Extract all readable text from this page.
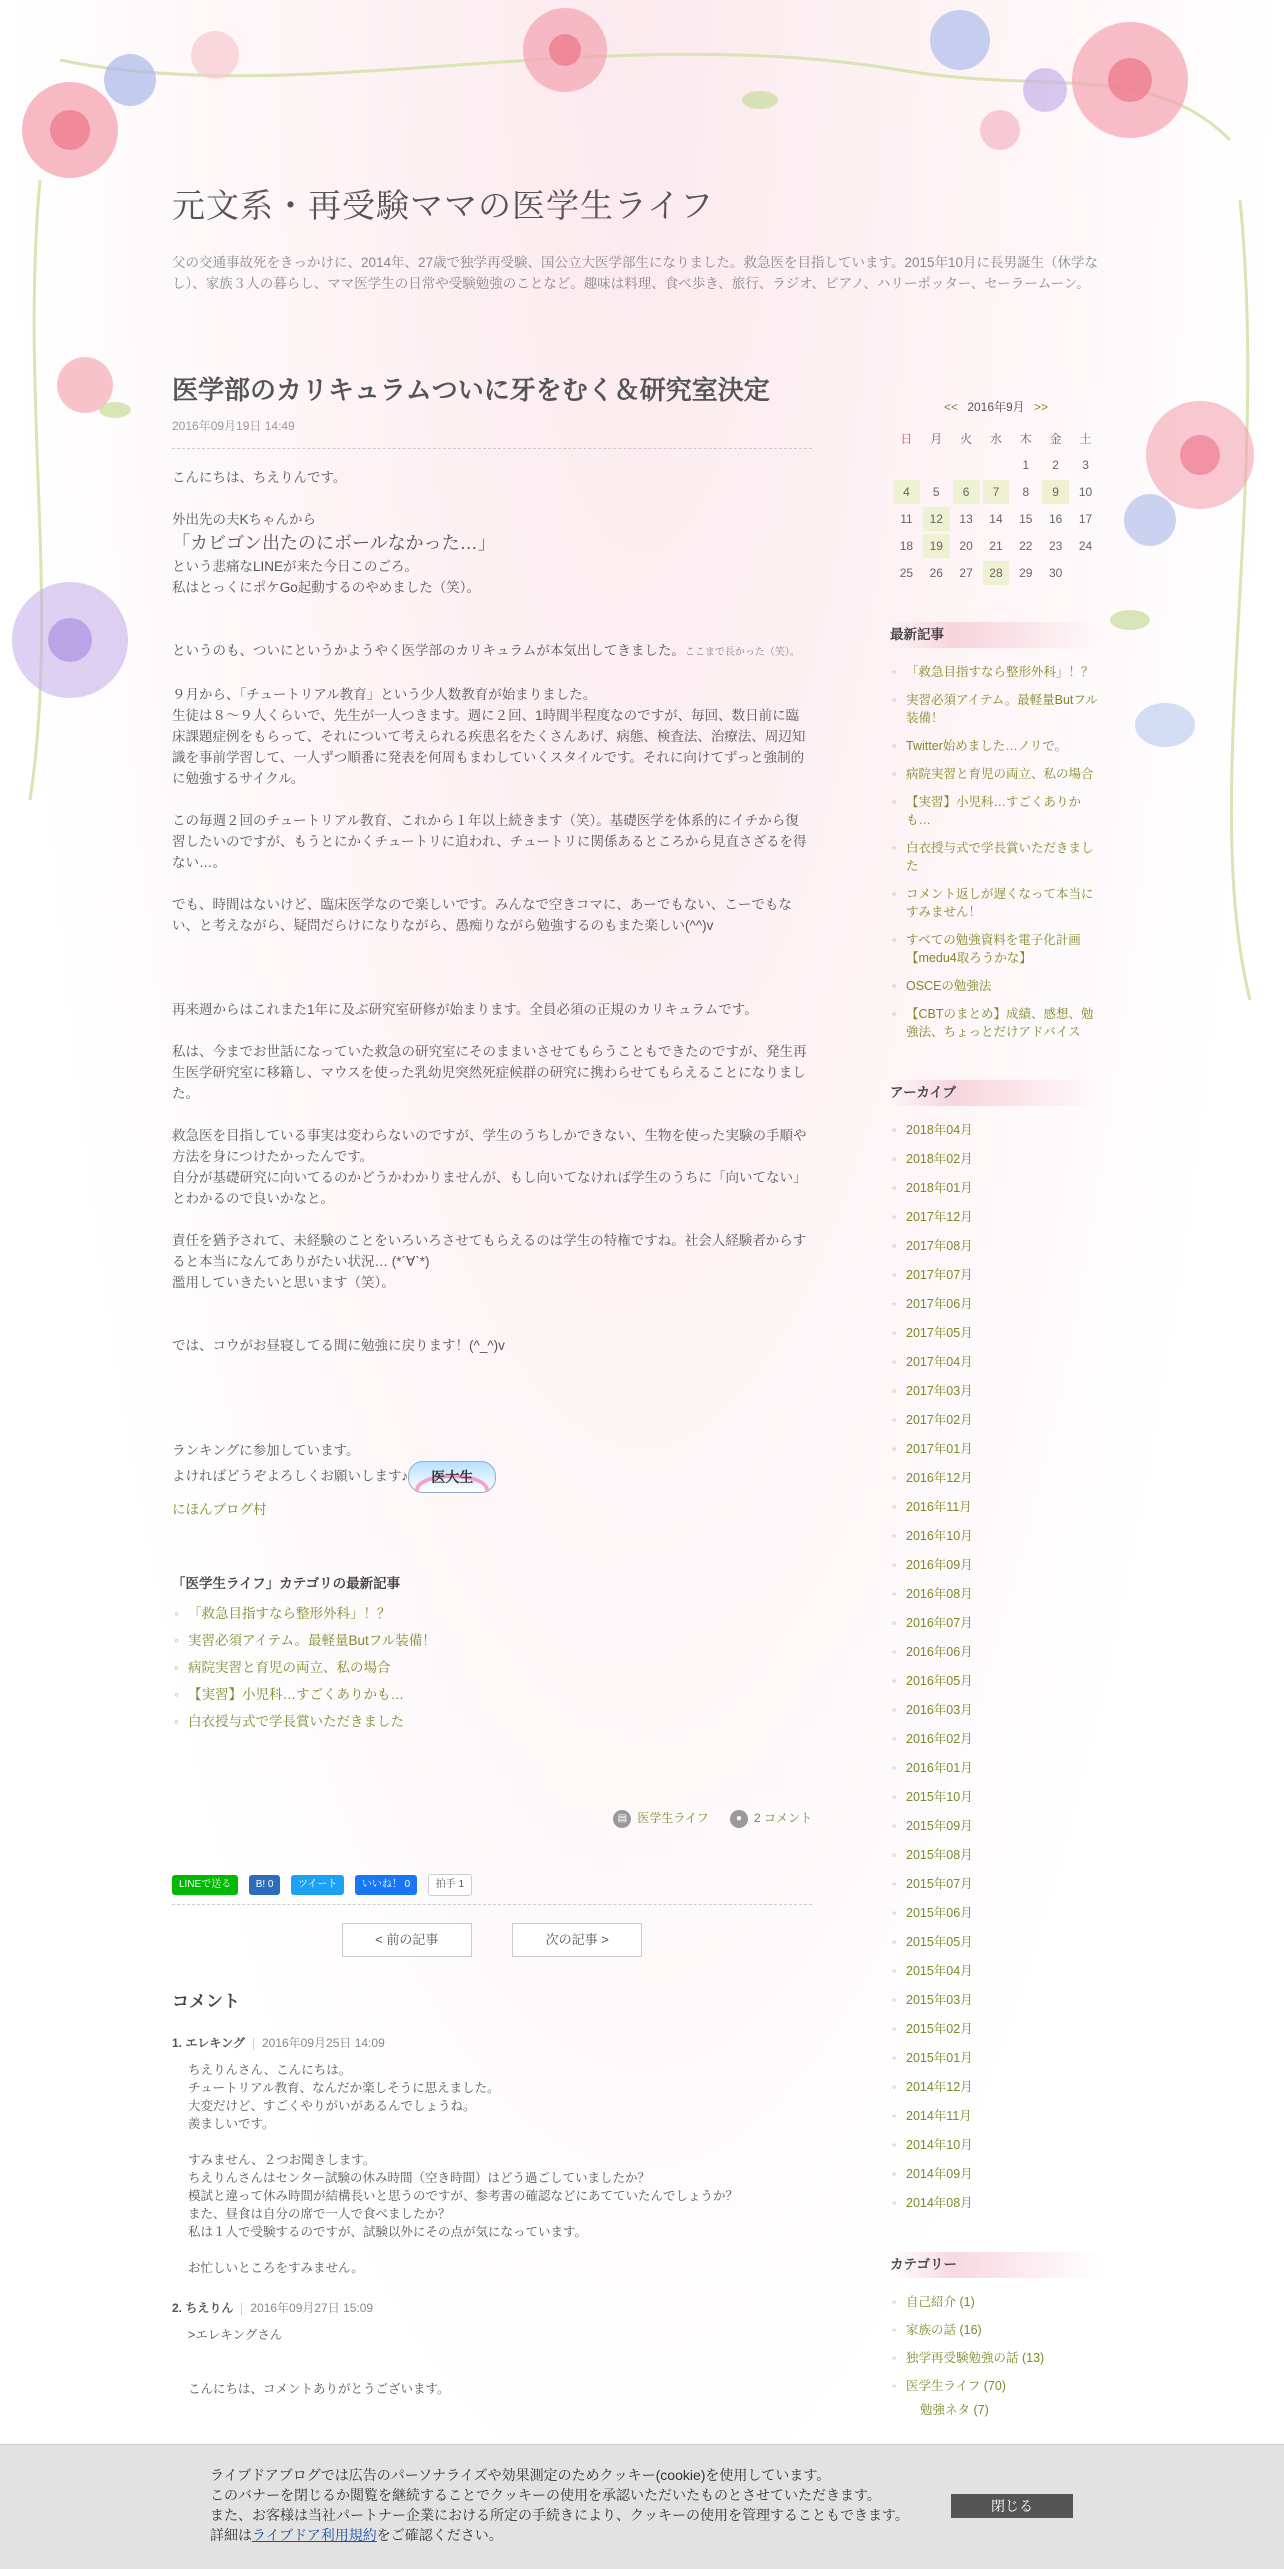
元文系・再受験ママの医学生ライフ
父の交通事故死をきっかけに、2014年、27歳で独学再受験、国公立大医学部生になりました。救急医を目指しています。2015年10月に長男誕生（休学なし）、家族３人の暮らし、ママ医学生の日常や受験勉強のことなど。趣味は料理、食べ歩き、旅行、ラジオ、ピアノ、ハリーポッター、セーラームーン。
医学部のカリキュラムついに牙をむく＆研究室決定
2016年09月19日 14:49

こんにちは、ちえりんです。

外出先の夫Kちゃんから

「カビゴン出たのにボールなかった…」

という悲痛なLINEが来た今日このごろ。

私はとっくにポケGo起動するのやめました（笑）。

というのも、ついにというかようやく医学部のカリキュラムが本気出してきました。ここまで長かった（笑）。

９月から、「チュートリアル教育」という少人数教育が始まりました。

生徒は８〜９人くらいで、先生が一人つきます。週に２回、1時間半程度なのですが、毎回、数日前に臨床課題症例をもらって、それについて考えられる疾患名をたくさんあげ、病態、検査法、治療法、周辺知識を事前学習して、一人ずつ順番に発表を何周もまわしていくスタイルです。それに向けてずっと強制的に勉強するサイクル。

この毎週２回のチュートリアル教育、これから１年以上続きます（笑）。基礎医学を体系的にイチから復習したいのですが、もうとにかくチュートリに追われ、チュートリに関係あるところから見直さざるを得ない…。

でも、時間はないけど、臨床医学なので楽しいです。みんなで空きコマに、あーでもない、こーでもない、と考えながら、疑問だらけになりながら、愚痴りながら勉強するのもまた楽しい(^^)v

再来週からはこれまた1年に及ぶ研究室研修が始まります。全員必須の正規のカリキュラムです。

私は、今までお世話になっていた救急の研究室にそのままいさせてもらうこともできたのですが、発生再生医学研究室に移籍し、マウスを使った乳幼児突然死症候群の研究に携わらせてもらえることになりました。

救急医を目指している事実は変わらないのですが、学生のうちしかできない、生物を使った実験の手順や方法を身につけたかったんです。

自分が基礎研究に向いてるのかどうかわかりませんが、もし向いてなければ学生のうちに「向いてない」とわかるので良いかなと。

責任を猶予されて、未経験のことをいろいろさせてもらえるのは学生の特権ですね。社会人経験者からすると本当になんてありがたい状況… (*´∀`*)

濫用していきたいと思います（笑）。

では、コウがお昼寝してる間に勉強に戻ります！(^_^)v

ランキングに参加しています。

よければどうぞよろしくお願いします♪ 医大生

にほんブログ村

「医学生ライフ」カテゴリの最新記事
◦ 「救急目指すなら整形外科」！？
◦ 実習必須アイテム。最軽量Butフル装備！
◦ 病院実習と育児の両立、私の場合
◦ 【実習】小児科…すごくありかも…
◦ 白衣授与式で学長賞いただきました
▤ 医学生ライフ	● 2 コメント
LINEで送る B! 0 ツイート いいね！ 0	拍手 1
< 前の記事	次の記事 >
コメント
1. エレキング 2016年09月25日 14:09

ちえりんさん、こんにちは。

チュートリアル教育、なんだか楽しそうに思えました。

大変だけど、すごくやりがいがあるんでしょうね。

羨ましいです。

すみません、２つお聞きします。

ちえりんさんはセンター試験の休み時間（空き時間）はどう過ごしていましたか？

模試と違って休み時間が結構長いと思うのですが、参考書の確認などにあてていたんでしょうか？

また、昼食は自分の席で一人で食べましたか？

私は１人で受験するのですが、試験以外にその点が気になっています。

お忙しいところをすみません。

2. ちえりん 2016年09月27日 15:09

>エレキングさん

こんにちは、コメントありがとうございます。

<< 2016年9月 >>
日	月	火	水	木	金	土
				1	2	3
4	5	6	7	8	9	10
11	12	13	14	15	16	17
18	19	20	21	22	23	24
25	26	27	28	29	30	
最新記事
◦ 「救急目指すなら整形外科」！？
◦ 実習必須アイテム。最軽量Butフル装備！
◦ Twitter始めました…ノリで。
◦ 病院実習と育児の両立、私の場合
◦ 【実習】小児科…すごくありかも…
◦ 白衣授与式で学長賞いただきました
◦ コメント返しが遅くなって本当にすみません！
◦ すべての勉強資料を電子化計画【medu4取ろうかな】
◦ OSCEの勉強法
◦ 【CBTのまとめ】成績、感想、勉強法、ちょっとだけアドバイス
アーカイブ
◦ 2018年04月
◦ 2018年02月
◦ 2018年01月
◦ 2017年12月
◦ 2017年08月
◦ 2017年07月
◦ 2017年06月
◦ 2017年05月
◦ 2017年04月
◦ 2017年03月
◦ 2017年02月
◦ 2017年01月
◦ 2016年12月
◦ 2016年11月
◦ 2016年10月
◦ 2016年09月
◦ 2016年08月
◦ 2016年07月
◦ 2016年06月
◦ 2016年05月
◦ 2016年03月
◦ 2016年02月
◦ 2016年01月
◦ 2015年10月
◦ 2015年09月
◦ 2015年08月
◦ 2015年07月
◦ 2015年06月
◦ 2015年05月
◦ 2015年04月
◦ 2015年03月
◦ 2015年02月
◦ 2015年01月
◦ 2014年12月
◦ 2014年11月
◦ 2014年10月
◦ 2014年09月
◦ 2014年08月
カテゴリー
◦ 自己紹介 (1)
◦ 家族の話 (16)
◦ 独学再受験勉強の話 (13)
◦ 医学生ライフ (70)
勉強ネタ (7)

ライブドアブログでは広告のパーソナライズや効果測定のためクッキー(cookie)を使用しています。

このバナーを閉じるか閲覧を継続することでクッキーの使用を承認いただいたものとさせていただきます。

また、お客様は当社パートナー企業における所定の手続きにより、クッキーの使用を管理することもできます。

詳細はライブドア利用規約をご確認ください。

閉じる
